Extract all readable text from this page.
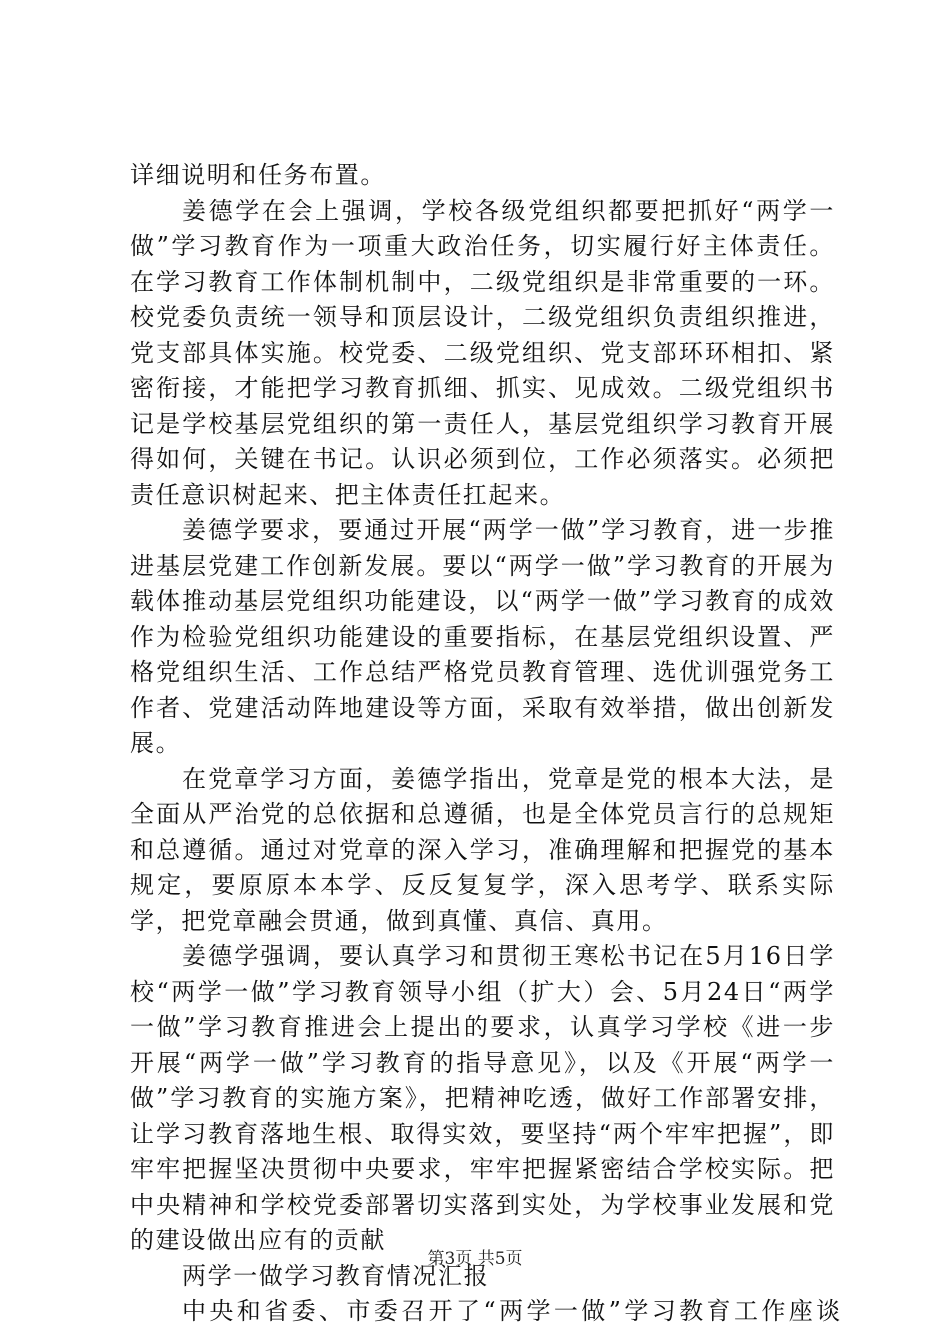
详细说明和任务布置。

姜德学在会上强调，学校各级党组织都要把抓好“两学一做”学习教育作为一项重大政治任务，切实履行好主体责任。在学习教育工作体制机制中，二级党组织是非常重要的一环。校党委负责统一领导和顶层设计，二级党组织负责组织推进，党支部具体实施。校党委、二级党组织、党支部环环相扣、紧密衔接，才能把学习教育抓细、抓实、见成效。二级党组织书记是学校基层党组织的第一责任人，基层党组织学习教育开展得如何，关键在书记。认识必须到位，工作必须落实。必须把责任意识树起来、把主体责任扛起来。

姜德学要求，要通过开展“两学一做”学习教育，进一步推进基层党建工作创新发展。要以“两学一做”学习教育的开展为载体推动基层党组织功能建设，以“两学一做”学习教育的成效作为检验党组织功能建设的重要指标，在基层党组织设置、严格党组织生活、工作总结严格党员教育管理、选优训强党务工作者、党建活动阵地建设等方面，采取有效举措，做出创新发展。

在党章学习方面，姜德学指出，党章是党的根本大法，是全面从严治党的总依据和总遵循，也是全体党员言行的总规矩和总遵循。通过对党章的深入学习，准确理解和把握党的基本规定，要原原本本学、反反复复学，深入思考学、联系实际学，把党章融会贯通，做到真懂、真信、真用。

姜德学强调，要认真学习和贯彻王寒松书记在5月16日学校“两学一做”学习教育领导小组（扩大）会、5月24日“两学一做”学习教育推进会上提出的要求，认真学习学校《进一步开展“两学一做”学习教育的指导意见》，以及《开展“两学一做”学习教育的实施方案》，把精神吃透，做好工作部署安排，让学习教育落地生根、取得实效，要坚持“两个牢牢把握”，即牢牢把握坚决贯彻中央要求，牢牢把握紧密结合学校实际。把中央精神和学校党委部署切实落到实处，为学校事业发展和党的建设做出应有的贡献

两学一做学习教育情况汇报

中央和省委、市委召开了“两学一做”学习教育工作座谈

第3页 共5页
